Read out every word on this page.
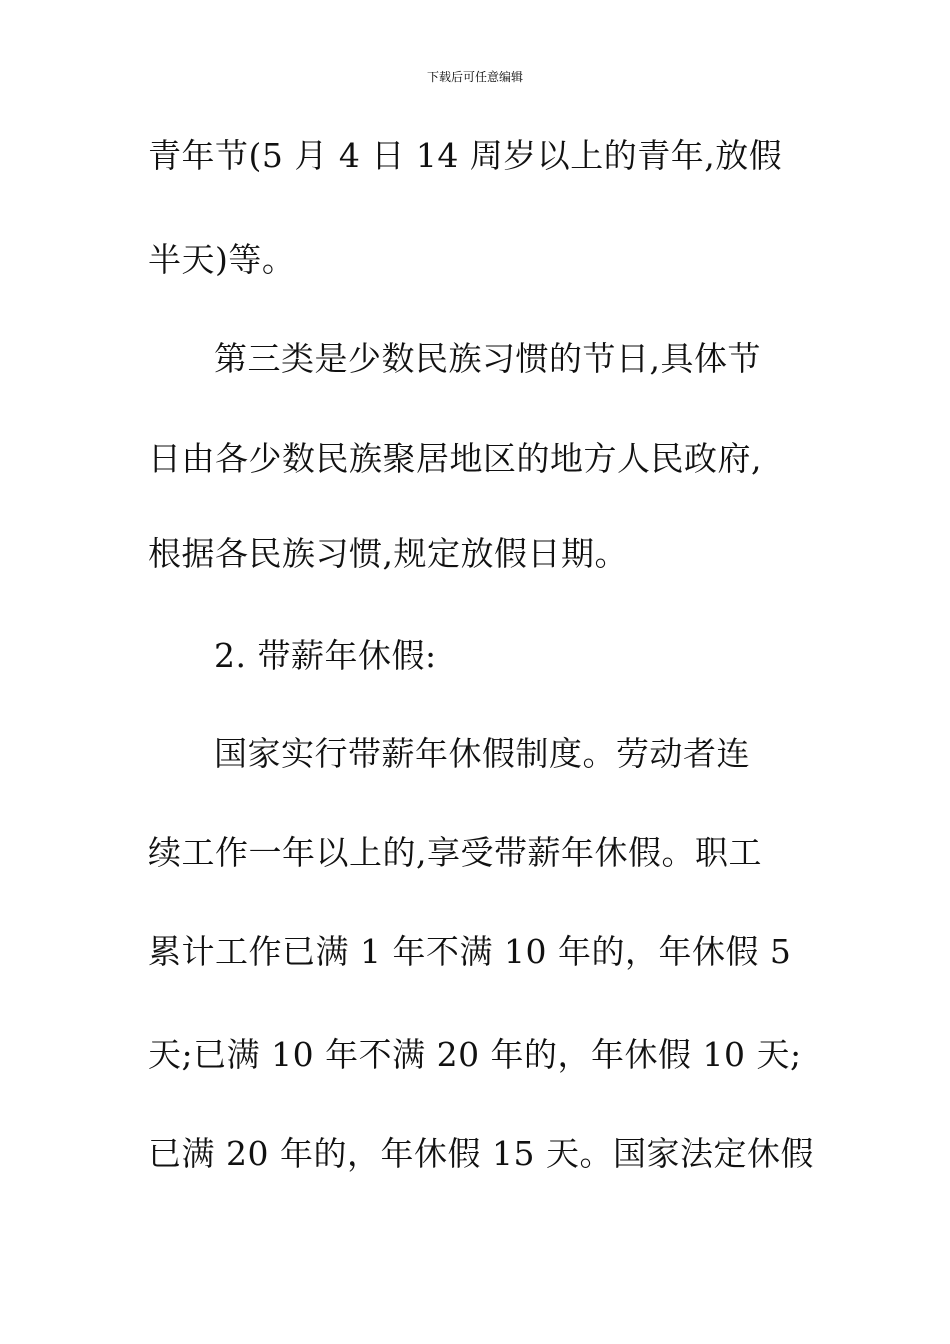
下载后可任意编辑
青年节(5 月 4 日 14 周岁以上的青年,放假
半天)等。
第三类是少数民族习惯的节日,具体节
日由各少数民族聚居地区的地方人民政府,
根据各民族习惯,规定放假日期。
2. 带薪年休假:
国家实行带薪年休假制度。劳动者连
续工作一年以上的,享受带薪年休假。职工
累计工作已满 1 年不满 10 年的，年休假 5
天;已满 10 年不满 20 年的，年休假 10 天;
已满 20 年的，年休假 15 天。国家法定休假
